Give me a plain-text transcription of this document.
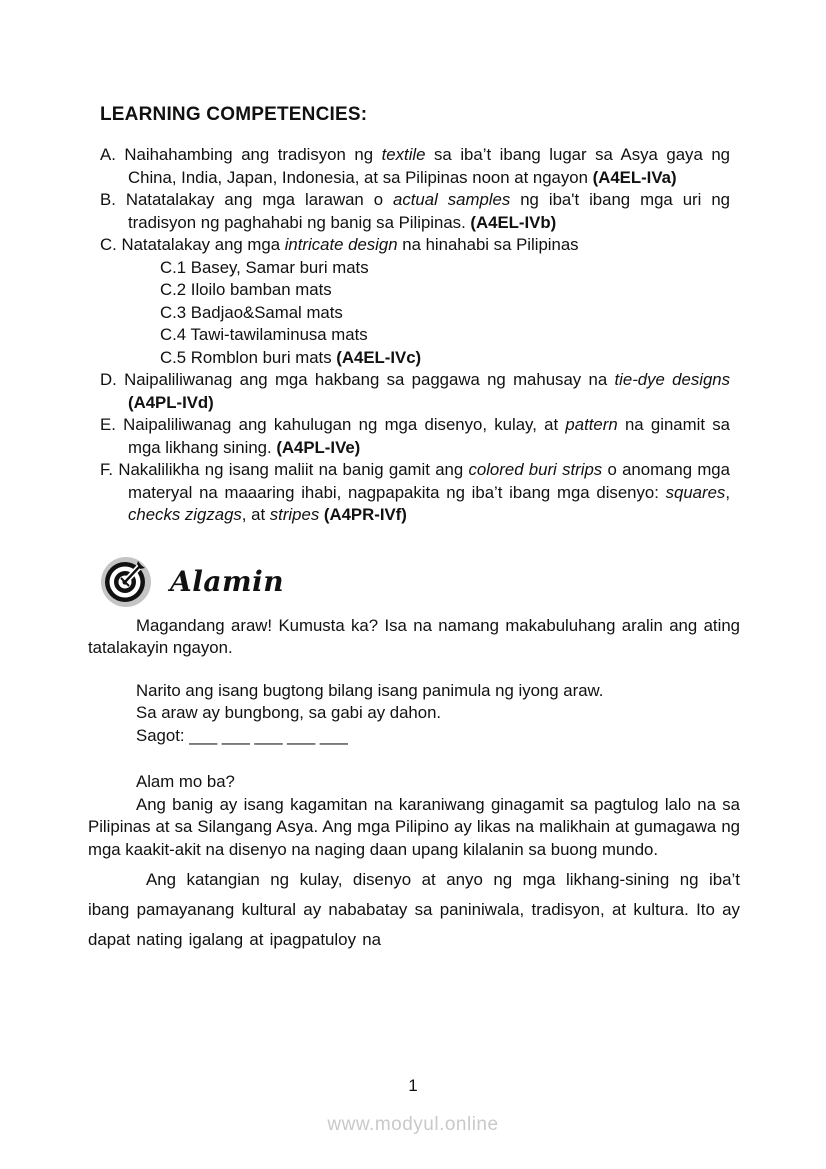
LEARNING COMPETENCIES:

A. Naihahambing ang tradisyon ng textile sa iba’t ibang lugar sa Asya gaya ng China, India, Japan, Indonesia, at sa Pilipinas noon at ngayon (A4EL-IVa)

B. Natatalakay ang mga larawan o actual samples ng iba't ibang mga uri ng tradisyon ng paghahabi ng banig sa Pilipinas. (A4EL-IVb)

C. Natatalakay ang mga intricate design na hinahabi sa Pilipinas

C.1 Basey, Samar buri mats

C.2 Iloilo bamban mats

C.3 Badjao&Samal mats

C.4 Tawi-tawilaminusa mats

C.5 Romblon buri mats (A4EL-IVc)

D. Naipaliliwanag ang mga hakbang sa paggawa ng mahusay na tie-dye designs (A4PL-IVd)

E. Naipaliliwanag ang kahulugan ng mga disenyo, kulay, at pattern na ginamit sa mga likhang sining. (A4PL-IVe)

F. Nakalilikha ng isang maliit na banig gamit ang colored buri strips o anomang mga materyal na maaaring ihabi, nagpapakita ng iba’t ibang mga disenyo: squares, checks zigzags, at stripes (A4PR-IVf)

Alamin

Magandang araw! Kumusta ka? Isa na namang makabuluhang aralin ang ating tatalakayin ngayon.

Narito ang isang bugtong bilang isang panimula ng iyong araw.

Sa araw ay bungbong, sa gabi ay dahon.

Sagot: ___ ___ ___ ___ ___

Alam mo ba?

Ang banig ay isang kagamitan na karaniwang ginagamit sa pagtulog lalo na sa Pilipinas at sa Silangang Asya. Ang mga Pilipino ay likas na malikhain at gumagawa ng mga kaakit-akit na disenyo na naging daan upang kilalanin sa buong mundo.

Ang katangian ng kulay, disenyo at anyo ng mga likhang-sining ng iba’t ibang pamayanang kultural ay nababatay sa paniniwala, tradisyon, at kultura. Ito ay dapat nating igalang at ipagpatuloy na

1
www.modyul.online
